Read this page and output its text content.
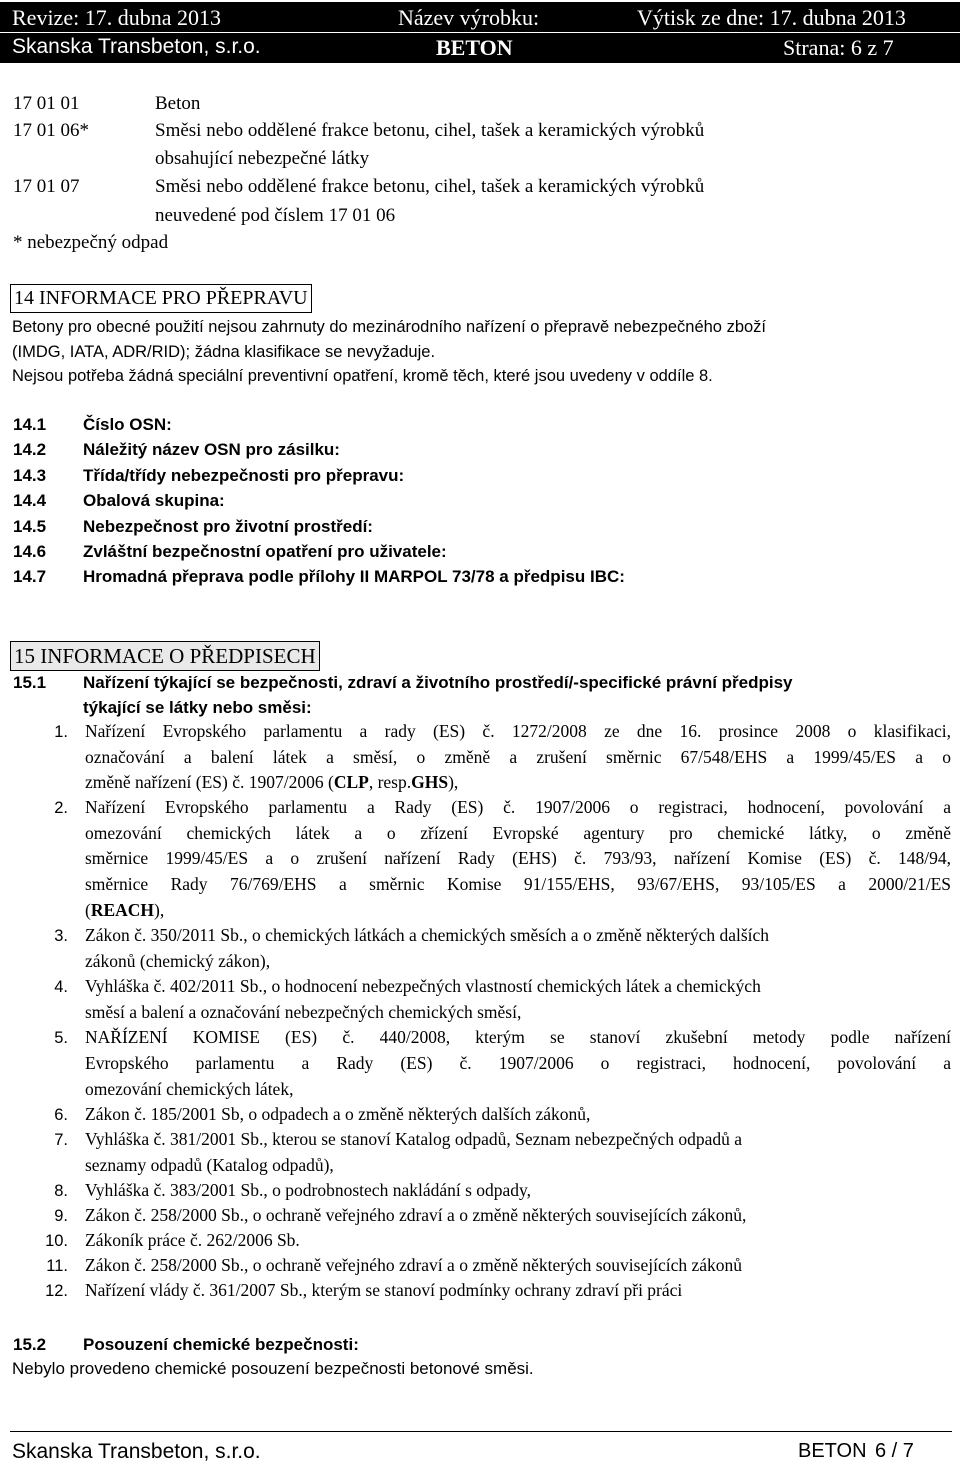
Revize: 17. dubna 2013	Název výrobku:	Výtisk ze dne: 17. dubna 2013
Skanska Transbeton, s.r.o.	BETON	Strana: 6 z 7
17 01 01	Beton
17 01 06*	Směsi nebo oddělené frakce betonu, cihel, tašek a keramických výrobků
obsahující nebezpečné látky
17 01 07	Směsi nebo oddělené frakce betonu, cihel, tašek a keramických výrobků
neuvedené pod číslem 17 01 06
* nebezpečný odpad
14 INFORMACE PRO PŘEPRAVU
Betony pro obecné použití nejsou zahrnuty do mezinárodního nařízení o přepravě nebezpečného zboží
(IMDG, IATA, ADR/RID); žádna klasifikace se nevyžaduje.
Nejsou potřeba žádná speciální preventivní opatření, kromě těch, které jsou uvedeny v oddíle 8.
14.1 Číslo OSN:
14.2 Náležitý název OSN pro zásilku:
14.3 Třída/třídy nebezpečnosti pro přepravu:
14.4 Obalová skupina:
14.5 Nebezpečnost pro životní prostředí:
14.6 Zvláštní bezpečnostní opatření pro uživatele:
14.7 Hromadná přeprava podle přílohy II MARPOL 73/78 a předpisu IBC:
15 INFORMACE O PŘEDPISECH
15.1 Nařízení týkající se bezpečnosti, zdraví a životního prostředí/-specifické právní předpisy
týkající se látky nebo směsi:
1. Nařízení Evropského parlamentu a rady (ES) č. 1272/2008 ze dne 16. prosince 2008 o klasifikaci,
označování a balení látek a směsí, o změně a zrušení směrnic 67/548/EHS a 1999/45/ES a o
změně nařízení (ES) č. 1907/2006 (CLP, resp.GHS),
2. Nařízení Evropského parlamentu a Rady (ES) č. 1907/2006 o registraci, hodnocení, povolování a
omezování chemických látek a o zřízení Evropské agentury pro chemické látky, o změně
směrnice 1999/45/ES a o zrušení nařízení Rady (EHS) č. 793/93, nařízení Komise (ES) č. 148/94,
směrnice Rady 76/769/EHS a směrnic Komise 91/155/EHS, 93/67/EHS, 93/105/ES a 2000/21/ES
(REACH),
3. Zákon č. 350/2011 Sb., o chemických látkách a chemických směsích a o změně některých dalších
zákonů (chemický zákon),
4. Vyhláška č. 402/2011 Sb., o hodnocení nebezpečných vlastností chemických látek a chemických
směsí a balení a označování nebezpečných chemických směsí,
5. NAŘÍZENÍ KOMISE (ES) č. 440/2008, kterým se stanoví zkušební metody podle nařízení
Evropského parlamentu a Rady (ES) č. 1907/2006 o registraci, hodnocení, povolování a
omezování chemických látek,
6. Zákon č. 185/2001 Sb, o odpadech a o změně některých dalších zákonů,
7. Vyhláška č. 381/2001 Sb., kterou se stanoví Katalog odpadů, Seznam nebezpečných odpadů a
seznamy odpadů (Katalog odpadů),
8. Vyhláška č. 383/2001 Sb., o podrobnostech nakládání s odpady,
9. Zákon č. 258/2000 Sb., o ochraně veřejného zdraví a o změně některých souvisejících zákonů,
10. Zákoník práce č. 262/2006 Sb.
11. Zákon č. 258/2000 Sb., o ochraně veřejného zdraví a o změně některých souvisejících zákonů
12. Nařízení vlády č. 361/2007 Sb., kterým se stanoví podmínky ochrany zdraví při práci
15.2 Posouzení chemické bezpečnosti:
Nebylo provedeno chemické posouzení bezpečnosti betonové směsi.
Skanska Transbeton, s.r.o.	BETON 6 / 7
